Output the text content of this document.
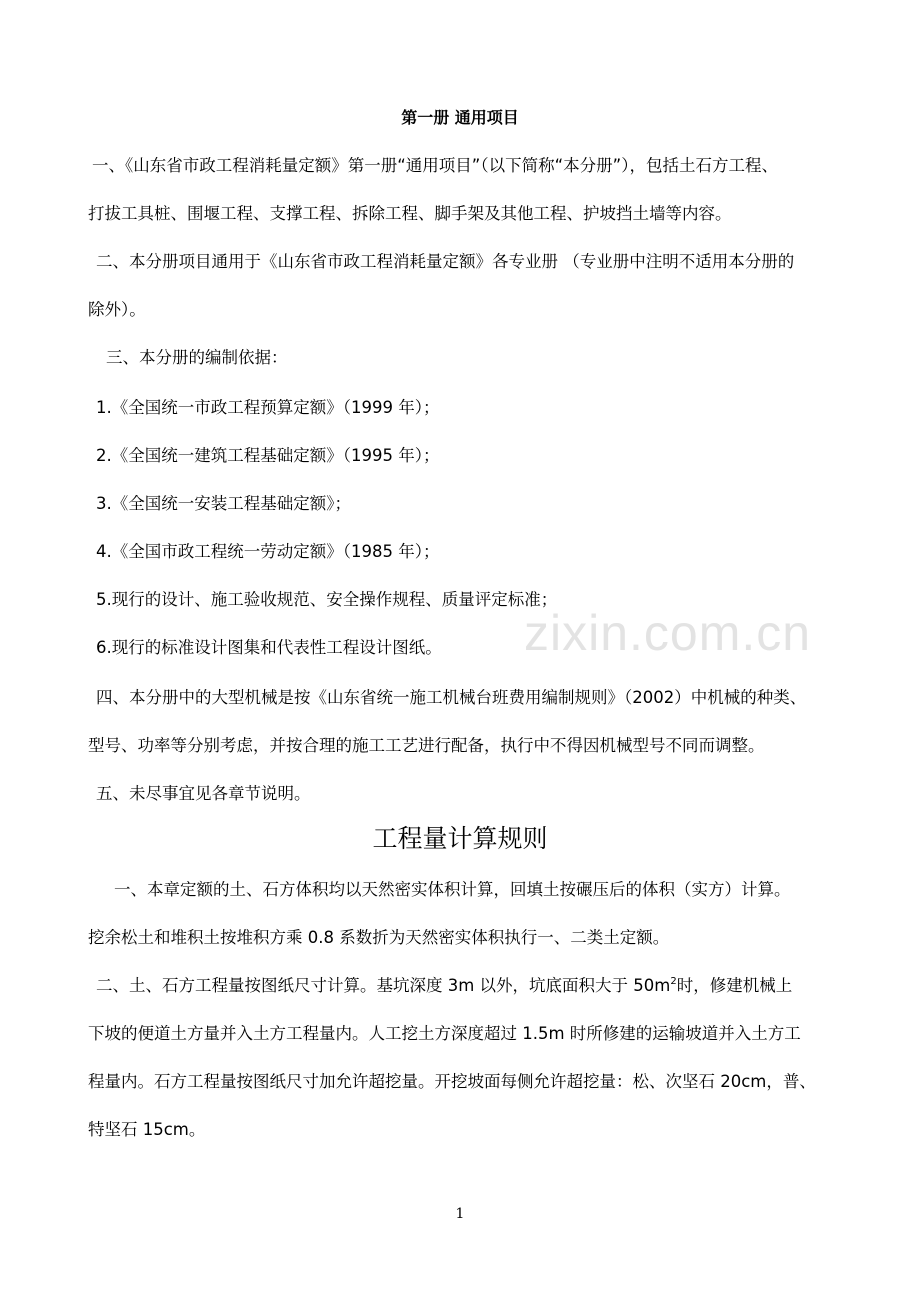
第一册 通用项目
一、《山东省市政工程消耗量定额》第一册“通用项目”（以下简称“本分册”），包括土石方工程、
打拔工具桩、围堰工程、支撑工程、拆除工程、脚手架及其他工程、护坡挡土墙等内容。
二、本分册项目通用于《山东省市政工程消耗量定额》各专业册 （专业册中注明不适用本分册的
除外）。
三、本分册的编制依据：
1.《全国统一市政工程预算定额》（1999 年）；
2.《全国统一建筑工程基础定额》（1995 年）；
3.《全国统一安装工程基础定额》；
4.《全国市政工程统一劳动定额》（1985 年）；
5.现行的设计、施工验收规范、安全操作规程、质量评定标准；
6.现行的标准设计图集和代表性工程设计图纸。
四、本分册中的大型机械是按《山东省统一施工机械台班费用编制规则》（2002）中机械的种类、
型号、功率等分别考虑，并按合理的施工工艺进行配备，执行中不得因机械型号不同而调整。
五、未尽事宜见各章节说明。
工程量计算规则
一、本章定额的土、石方体积均以天然密实体积计算，回填土按碾压后的体积（实方）计算。
挖余松土和堆积土按堆积方乘 0.8 系数折为天然密实体积执行一、二类土定额。
二、土、石方工程量按图纸尺寸计算。基坑深度 3m 以外，坑底面积大于 $50m^2$时，修建机械上
下坡的便道土方量并入土方工程量内。人工挖土方深度超过 1.5m 时所修建的运输坡道并入土方工
程量内。石方工程量按图纸尺寸加允许超挖量。开挖坡面每侧允许超挖量：松、次坚石 20cm，普、
特坚石 15cm。
zixin.com.cn
1
